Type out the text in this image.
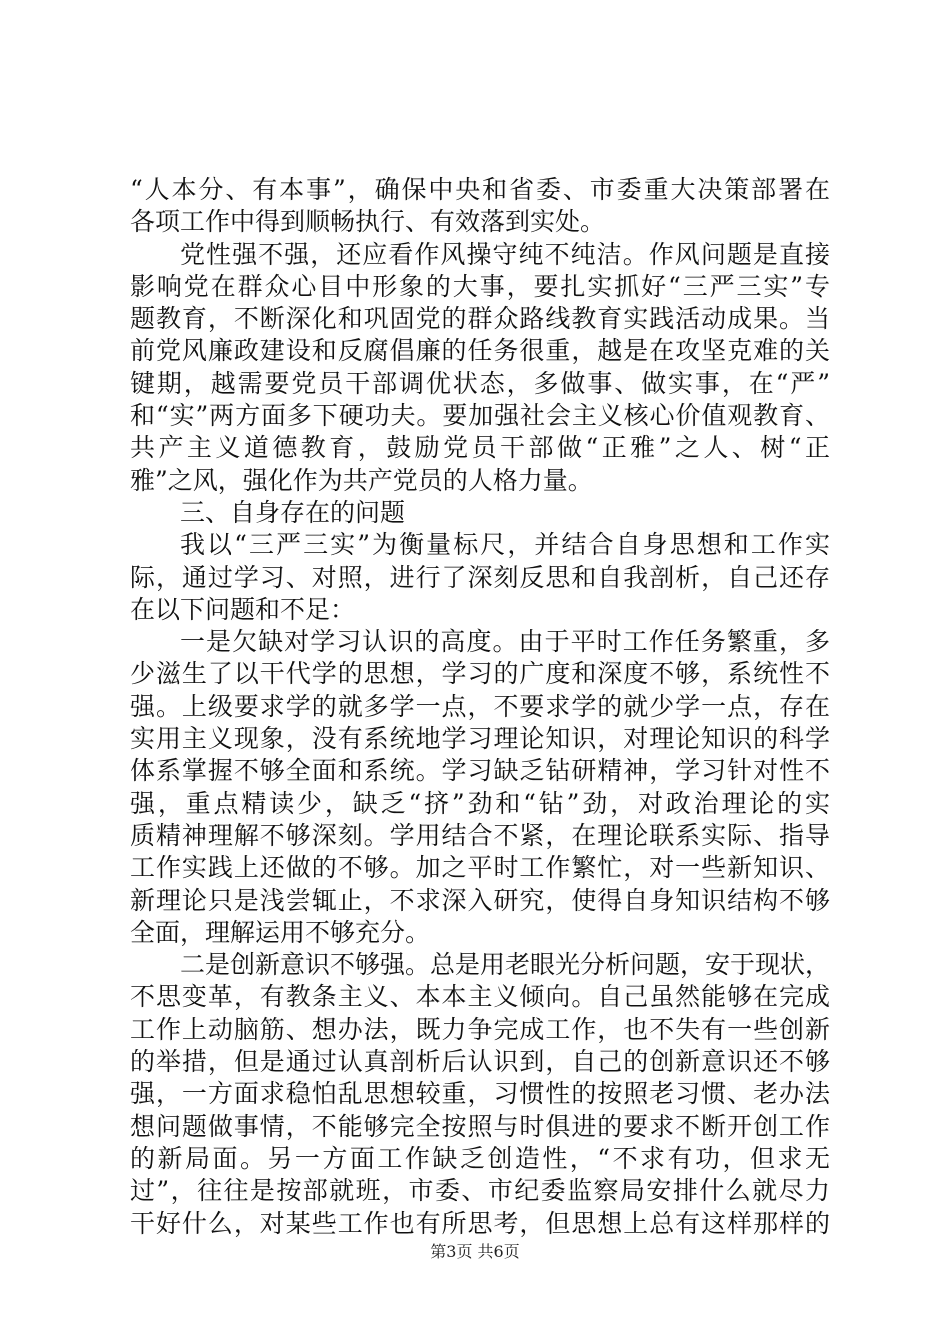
“人本分、有本事”，确保中央和省委、市委重大决策部署在
各项工作中得到顺畅执行、有效落到实处。
党性强不强，还应看作风操守纯不纯洁。作风问题是直接
影响党在群众心目中形象的大事，要扎实抓好“三严三实”专
题教育，不断深化和巩固党的群众路线教育实践活动成果。当
前党风廉政建设和反腐倡廉的任务很重，越是在攻坚克难的关
键期，越需要党员干部调优状态，多做事、做实事，在“严”
和“实”两方面多下硬功夫。要加强社会主义核心价值观教育、
共产主义道德教育，鼓励党员干部做“正雅”之人、树“正
雅”之风，强化作为共产党员的人格力量。
三、自身存在的问题
我以“三严三实”为衡量标尺，并结合自身思想和工作实
际，通过学习、对照，进行了深刻反思和自我剖析，自己还存
在以下问题和不足：
一是欠缺对学习认识的高度。由于平时工作任务繁重，多
少滋生了以干代学的思想，学习的广度和深度不够，系统性不
强。上级要求学的就多学一点，不要求学的就少学一点，存在
实用主义现象，没有系统地学习理论知识，对理论知识的科学
体系掌握不够全面和系统。学习缺乏钻研精神，学习针对性不
强，重点精读少，缺乏“挤”劲和“钻”劲，对政治理论的实
质精神理解不够深刻。学用结合不紧，在理论联系实际、指导
工作实践上还做的不够。加之平时工作繁忙，对一些新知识、
新理论只是浅尝辄止，不求深入研究，使得自身知识结构不够
全面，理解运用不够充分。
二是创新意识不够强。总是用老眼光分析问题，安于现状，
不思变革，有教条主义、本本主义倾向。自己虽然能够在完成
工作上动脑筋、想办法，既力争完成工作，也不失有一些创新
的举措，但是通过认真剖析后认识到，自己的创新意识还不够
强，一方面求稳怕乱思想较重，习惯性的按照老习惯、老办法
想问题做事情，不能够完全按照与时俱进的要求不断开创工作
的新局面。另一方面工作缺乏创造性，“不求有功，但求无
过”，往往是按部就班，市委、市纪委监察局安排什么就尽力
干好什么，对某些工作也有所思考，但思想上总有这样那样的
第3页 共6页
